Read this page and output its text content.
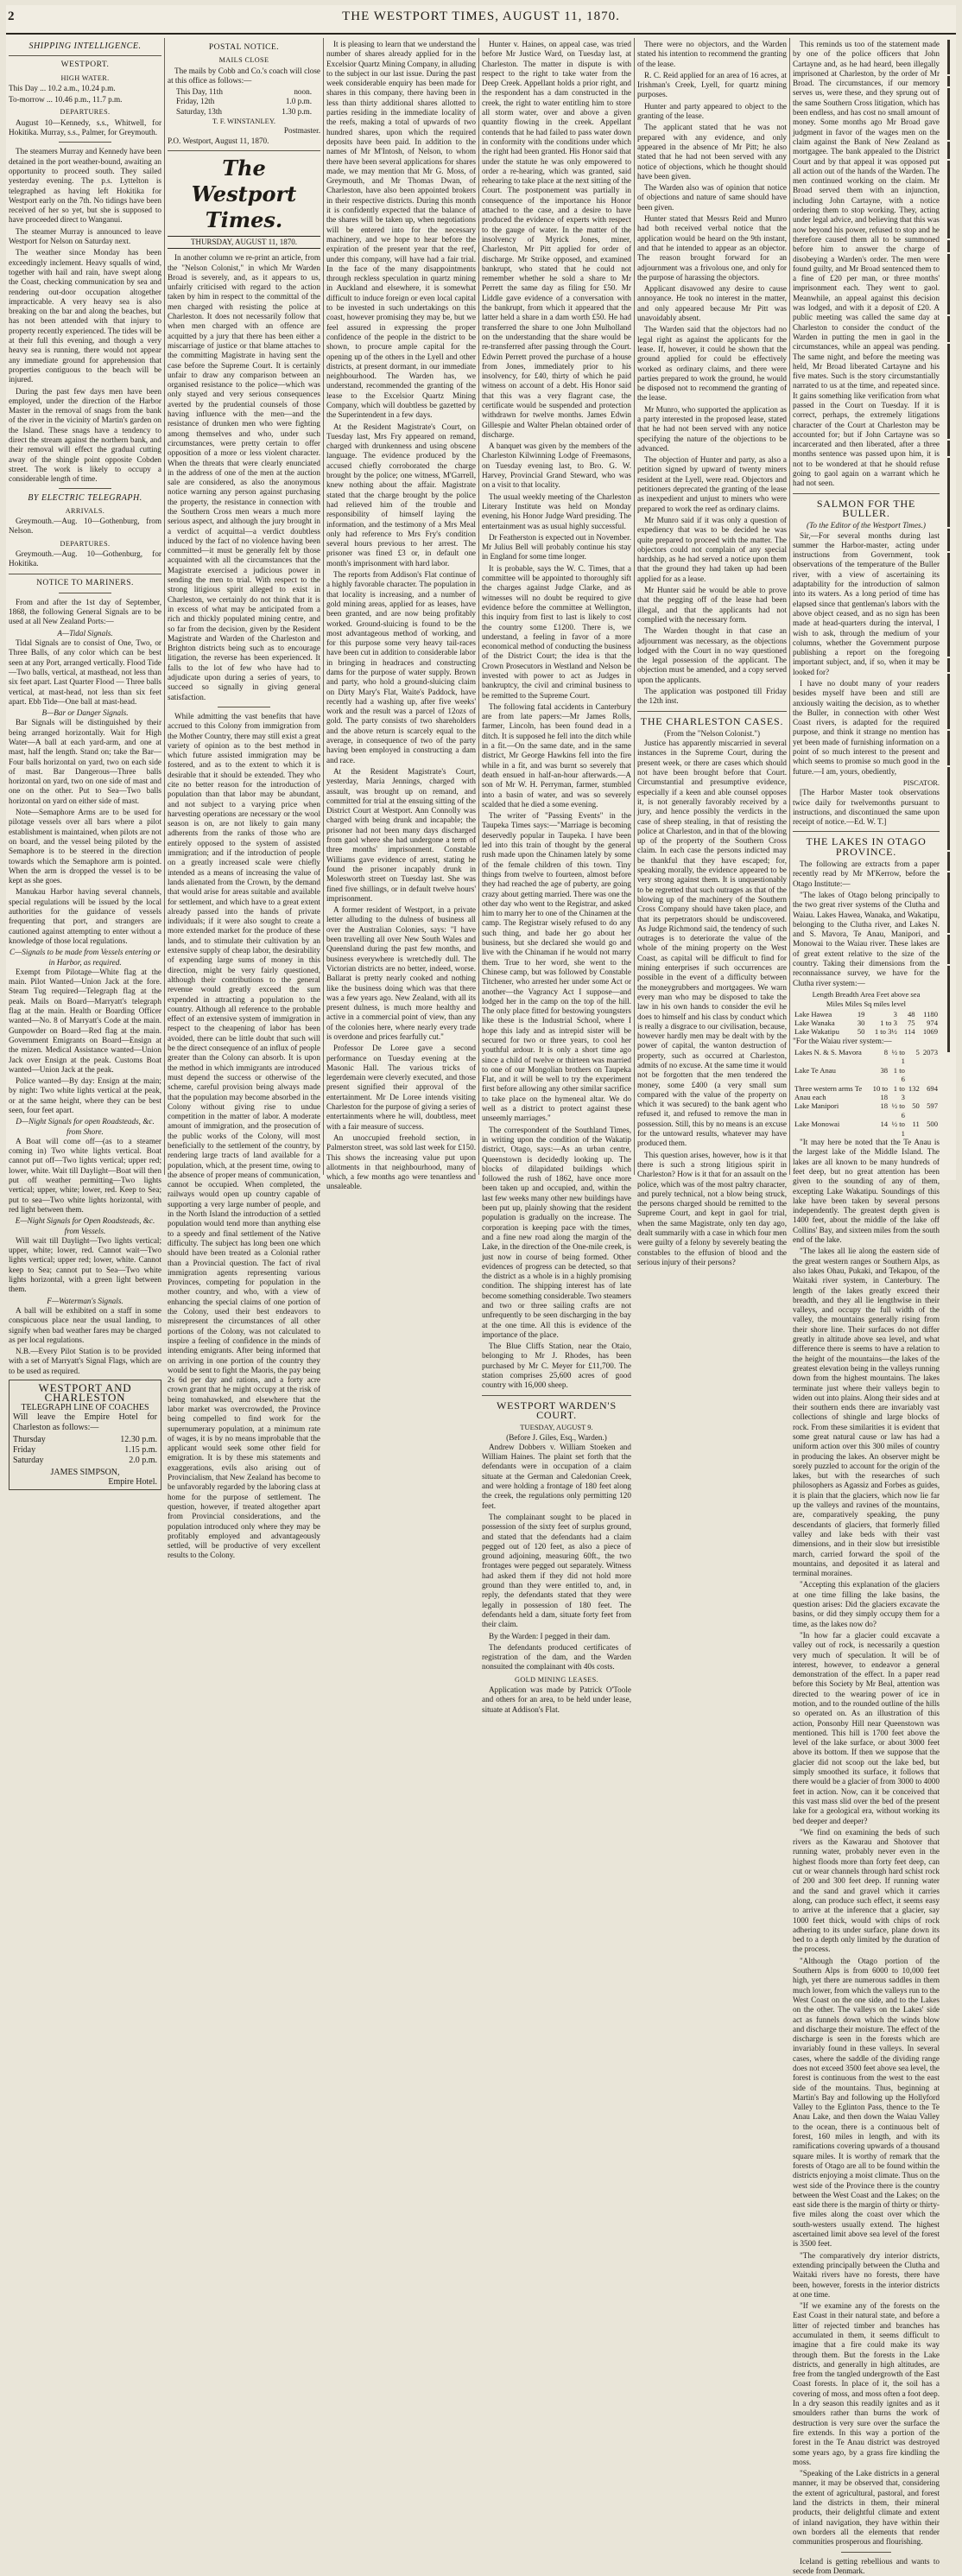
2	THE WESTPORT TIMES, AUGUST 11, 1870.
SHIPPING INTELLIGENCE.
WESTPORT.
HIGH WATER.

This Day ... 10.2 a.m., 10.24 p.m.

To-morrow ... 10.46 p.m., 11.7 p.m.

DEPARTURES.

August 10—Kennedy, s.s., Whitwell, for Hokitika. Murray, s.s., Palmer, for Greymouth.

The steamers Murray and Kennedy have been detained in the port weather-bound, awaiting an opportunity to proceed south. They sailed yesterday evening. The p.s. Lyttelton is telegraphed as having left Hokitika for Westport early on the 7th. No tidings have been received of her so yet, but she is supposed to have proceeded direct to Wanganui.

The steamer Murray is announced to leave Westport for Nelson on Saturday next.

The weather since Monday has been exceedingly inclement. Heavy squalls of wind, together with hail and rain, have swept along the Coast, checking communication by sea and rendering out-door occupation altogether impracticable. A very heavy sea is also breaking on the bar and along the beaches, but has not been attended with that injury to property recently experienced. The tides will be at their full this evening, and though a very heavy sea is running, there would not appear any immediate ground for apprehension that properties contiguous to the beach will be injured.

During the past few days men have been employed, under the direction of the Harbor Master in the removal of snags from the bank of the river in the vicinity of Martin's garden on the Island. These snags have a tendency to direct the stream against the northern bank, and their removal will effect the gradual cutting away of the shingle point opposite Cobden street. The work is likely to occupy a considerable length of time.

BY ELECTRIC TELEGRAPH.
ARRIVALS.

Greymouth.—Aug. 10—Gothenburg, from Nelson.

DEPARTURES.

Greymouth.—Aug. 10—Gothenburg, for Hokitika.

NOTICE TO MARINERS.

From and after the 1st day of September, 1868, the following General Signals are to be used at all New Zealand Ports:—

A—Tidal Signals.

Tidal Signals are to consist of One, Two, or Three Balls, of any color which can be best seen at any Port, arranged vertically. Flood Tide—Two balls, vertical, at masthead, not less than six feet apart. Last Quarter Flood — Three balls vertical, at mast-head, not less than six feet apart. Ebb Tide—One ball at mast-head.

B—Bar or Danger Signals.

Bar Signals will be distinguished by their being arranged horizontally. Wait for High Water—A ball at each yard-arm, and one at mast, half the length. Stand on; take the Bar—Four balls horizontal on yard, two on each side of mast. Bar Dangerous—Three balls horizontal on yard, two on one side of mast and one on the other. Put to Sea—Two balls horizontal on yard on either side of mast.

Note—Semaphore Arms are to be used for pilotage vessels over all bars where a pilot establishment is maintained, when pilots are not on board, and the vessel being piloted by the Semaphore is to be steered in the direction towards which the Semaphore arm is pointed. When the arm is dropped the vessel is to be kept as she goes.

Manukau Harbor having several channels, special regulations will be issued by the local authorities for the guidance of vessels frequenting that port, and strangers are cautioned against attempting to enter without a knowledge of those local regulations.

C—Signals to be made from Vessels entering or in Harbor, as required.

Exempt from Pilotage—White flag at the main. Pilot Wanted—Union Jack at the fore. Steam Tug required—Telegraph flag at the peak. Mails on Board—Marryatt's telegraph flag at the main. Health or Boarding Officer wanted—No. 8 of Marryatt's Code at the main. Gunpowder on Board—Red flag at the main. Government Emigrants on Board—Ensign at the mizen. Medical Assistance wanted—Union Jack over Ensign at the peak. Customs Boat wanted—Union Jack at the peak.

Police wanted—By day: Ensign at the main; by night: Two white lights vertical at the peak, or at the same height, where they can be best seen, four feet apart.

D—Night Signals for open Roadsteads, &c. from Shore.

A Boat will come off—(as to a steamer coming in) Two white lights vertical. Boat cannot put off—Two lights vertical; upper red; lower, white. Wait till Daylight—Boat will then put off weather permitting—Two lights vertical; upper, white; lower, red. Keep to Sea; put to sea—Two white lights horizontal, with red light between them.

E—Night Signals for Open Roadsteads, &c. from Vessels.

Will wait till Daylight—Two lights vertical; upper, white; lower, red. Cannot wait—Two lights vertical; upper red; lower, white. Cannot keep to Sea; cannot put to Sea—Two white lights horizontal, with a green light between them.

F—Waterman's Signals.

A ball will be exhibited on a staff in some conspicuous place near the usual landing, to signify when bad weather fares may be charged as per local regulations.

N.B.—Every Pilot Station is to be provided with a set of Marryatt's Signal Flags, which are to be used as required.

WESTPORT AND CHARLESTON
TELEGRAPH LINE OF COACHES

Will leave the Empire Hotel for Charleston as follows:—

Thursday	12.30 p.m.
Friday	1.15 p.m.
Saturday	2.0 p.m.
JAMES SIMPSON,
Empire Hotel.
POSTAL NOTICE.
MAILS CLOSE

The mails by Cobb and Co.'s coach will close at this office as follows:—

This Day, 11th	noon.
Friday, 12th	1.0 p.m.
Saturday, 13th	1.30 p.m.
T. F. WINSTANLEY.
Postmaster.

P.O. Westport, August 11, 1870.

The Westport Times.
THURSDAY, AUGUST 11, 1870.

In another column we re-print an article, from the "Nelson Colonist," in which Mr Warden Broad is severely, and, as it appears to us, unfairly criticised with regard to the action taken by him in respect to the committal of the men charged with resisting the police at Charleston. It does not necessarily follow that when men charged with an offence are acquitted by a jury that there has been either a miscarriage of justice or that blame attaches to the committing Magistrate in having sent the case before the Supreme Court. It is certainly unfair to draw any comparison between an organised resistance to the police—which was only stayed and very serious consequences averted by the prudential counsels of those having influence with the men—and the resistance of drunken men who were fighting among themselves and who, under such circumstances, were pretty certain to offer opposition of a more or less violent character. When the threats that were clearly enunciated in the address of one of the men at the auction sale are considered, as also the anonymous notice warning any person against purchasing the property, the resistance in connection with the Southern Cross men wears a much more serious aspect, and although the jury brought in a verdict of acquittal—a verdict doubtless induced by the fact of no violence having been committed—it must be generally felt by those acquainted with all the circumstances that the Magistrate exercised a judicious power in sending the men to trial. With respect to the strong litigious spirit alleged to exist in Charleston, we certainly do not think that it is in excess of what may be anticipated from a rich and thickly populated mining centre, and so far from the decision, given by the Resident Magistrate and Warden of the Charleston and Brighton districts being such as to encourage litigation, the reverse has been experienced. It falls to the lot of few who have had to adjudicate upon during a series of years, to succeed so signally in giving general satisfaction.

While admitting the vast benefits that have accrued to this Colony from immigration from the Mother Country, there may still exist a great variety of opinion as to the best method in which future assisted immigration may be fostered, and as to the extent to which it is desirable that it should be extended. They who cite no better reason for the introduction of population than that labor may be abundant, and not subject to a varying price when harvesting operations are necessary or the wool season is on, are not likely to gain many adherents from the ranks of those who are entirely opposed to the system of assisted immigration; and if the introduction of people on a greatly increased scale were chiefly intended as a means of increasing the value of lands alienated from the Crown, by the demand that would arise for areas suitable and available for settlement, and which have to a great extent already passed into the hands of private individuals; if it were also sought to create a more extended market for the produce of these lands, and to stimulate their cultivation by an extensive supply of cheap labor, the desirability of expending large sums of money in this direction, might be very fairly questioned, although their contributions to the general revenue would greatly exceed the sum expended in attracting a population to the country. Although all reference to the probable effect of an extensive system of immigration in respect to the cheapening of labor has been avoided, there can be little doubt that such will be the direct consequence of an influx of people greater than the Colony can absorb. It is upon the method in which immigrants are introduced must depend the success or otherwise of the scheme, careful provision being always made that the population may become absorbed in the Colony without giving rise to undue competition in the matter of labor. A moderate amount of immigration, and the prosecution of the public works of the Colony, will most beneficially to the settlement of the country, by rendering large tracts of land available for a population, which, at the present time, owing to the absence of proper means of communication, cannot be occupied. When completed, the railways would open up country capable of supporting a very large number of people, and in the North Island the introduction of a settled population would tend more than anything else to a speedy and final settlement of the Native difficulty. The subject has long been one which should have been treated as a Colonial rather than a Provincial question. The fact of rival immigration agents representing various Provinces, competing for population in the mother country, and who, with a view of enhancing the special claims of one portion of the Colony, used their best endeavors to misrepresent the circumstances of all other portions of the Colony, was not calculated to inspire a feeling of confidence in the minds of intending emigrants. After being informed that on arriving in one portion of the country they would be sent to fight the Maoris, the pay being 2s 6d per day and rations, and a forty acre crown grant that he might occupy at the risk of being tomahawked, and elsewhere that the labor market was overcrowded, the Province being compelled to find work for the supernumerary population, at a minimum rate of wages, it is by no means improbable that the applicant would seek some other field for emigration. It is by these mis statements and exaggerations, evils also arising out of Provincialism, that New Zealand has become to be unfavorably regarded by the laboring class at home for the purpose of settlement. The question, however, if treated altogether apart from Provincial considerations, and the population introduced only where they may be profitably employed and advantageously settled, will be productive of very excellent results to the Colony.

It is pleasing to learn that we understand the number of shares already applied for in the Excelsior Quartz Mining Company, in alluding to the subject in our last issue. During the past week considerable enquiry has been made for shares in this company, there having been in less than thirty additional shares allotted to parties residing in the immediate locality of the reefs, making a total of upwards of two hundred shares, upon which the required deposits have been paid. In addition to the names of Mr M'Intosh, of Nelson, to whom there have been several applications for shares made, we may mention that Mr G. Moss, of Greymouth, and Mr Thomas Dwan, of Charleston, have also been appointed brokers in their respective districts. During this month it is confidently expected that the balance of the shares will be taken up, when negotiations will be entered into for the necessary machinery, and we hope to hear before the expiration of the present year that the reef, under this company, will have had a fair trial. In the face of the many disappointments through reckless speculation in quartz mining in Auckland and elsewhere, it is somewhat difficult to induce foreign or even local capital to be invested in such undertakings on this coast, however promising they may be, but we feel assured in expressing the proper confidence of the people in the district to be shown, to procure ample capital for the opening up of the others in the Lyell and other districts, at present dormant, in our immediate neighbourhood. The Warden has, we understand, recommended the granting of the lease to the Excelsior Quartz Mining Company, which will doubtless be gazetted by the Superintendent in a few days.

At the Resident Magistrate's Court, on Tuesday last, Mrs Fry appeared on remand, charged with drunkenness and using obscene language. The evidence produced by the accused chiefly corroborated the charge brought by the police; one witness, M'Garrell, knew nothing about the affair. Magistrate stated that the charge brought by the police had relieved him of the trouble and responsibility of himself laying the information, and the testimony of a Mrs Meal only had reference to Mrs Fry's condition several hours previous to her arrest. The prisoner was fined £3 or, in default one month's imprisonment with hard labor.

The reports from Addison's Flat continue of a highly favorable character. The population in that locality is increasing, and a number of gold mining areas, applied for as leases, have been granted, and are now being profitably worked. Ground-sluicing is found to be the most advantageous method of working, and for this purpose some very heavy tail-races have been cut in addition to considerable labor in bringing in headraces and constructing dams for the purpose of water supply. Brown and party, who hold a ground-sluicing claim on Dirty Mary's Flat, Waite's Paddock, have recently had a washing up, after five weeks' work and the result was a parcel of 12ozs of gold. The party consists of two shareholders and the above return is scarcely equal to the average, in consequence of two of the party having been employed in constructing a dam and race.

At the Resident Magistrate's Court, yesterday, Maria Jennings, charged with assault, was brought up on remand, and committed for trial at the ensuing sitting of the District Court at Westport. Ann Connolly was charged with being drunk and incapable; the prisoner had not been many days discharged from gaol where she had undergone a term of three months' imprisonment. Constable Williams gave evidence of arrest, stating he found the prisoner incapably drunk in Molesworth street on Tuesday last. She was fined five shillings, or in default twelve hours' imprisonment.

A former resident of Westport, in a private letter alluding to the dulness of business all over the Australian Colonies, says: "I have been travelling all over New South Wales and Queensland during the past few months, and business everywhere is wretchedly dull. The Victorian districts are no better, indeed, worse. Ballarat is pretty nearly cooked and nothing like the business doing which was that there was a few years ago. New Zealand, with all its present dulness, is much more healthy and active in a commercial point of view, than any of the colonies here, where nearly every trade is overdone and prices fearfully cut."

Professor De Loree gave a second performance on Tuesday evening at the Masonic Hall. The various tricks of legerdemain were cleverly executed, and those present signified their approval of the entertainment. Mr De Loree intends visiting Charleston for the purpose of giving a series of entertainments where he will, doubtless, meet with a fair measure of success.

An unoccupied freehold section, in Palmerston street, was sold last week for £150. This shows the increasing value put upon allotments in that neighbourhood, many of which, a few months ago were tenantless and unsaleable.

Hunter v. Haines, on appeal case, was tried before Mr Justice Ward, on Tuesday last, at Charleston. The matter in dispute is with respect to the right to take water from the Deep Creek. Appellant holds a prior right, and the respondent has a dam constructed in the creek, the right to water entitling him to store all storm water, over and above a given quantity flowing in the creek. Appellant contends that he had failed to pass water down in conformity with the conditions under which the right had been granted. His Honor said that under the statute he was only empowered to order a re-hearing, which was granted, said rehearing to take place at the next sitting of the Court. The postponement was partially in consequence of the importance his Honor attached to the case, and a desire to have produced the evidence of experts with respect to the gauge of water. In the matter of the insolvency of Myrick Jones, miner, Charleston, Mr Pitt applied for order of discharge. Mr Strike opposed, and examined bankrupt, who stated that he could not remember whether he sold a share to Mr Perrett the same day as filing for £50. Mr Liddle gave evidence of a conversation with the bankrupt, from which it appeared that the latter held a share in a dam worth £50. He had transferred the share to one John Mulholland on the understanding that the share would be re-transferred after passing through the Court. Edwin Perrett proved the purchase of a house from Jones, immediately prior to his insolvency, for £40, thirty of which he paid witness on account of a debt. His Honor said that this was a very flagrant case, the certificate would be suspended and protection withdrawn for twelve months. James Edwin Gillespie and Walter Phelan obtained order of discharge.

A banquet was given by the members of the Charleston Kilwinning Lodge of Freemasons, on Tuesday evening last, to Bro. G. W. Harvey, Provincial Grand Steward, who was on a visit to that locality.

The usual weekly meeting of the Charleston Literary Institute was held on Monday evening, his Honor Judge Ward presiding. The entertainment was as usual highly successful.

Dr Featherston is expected out in November. Mr Julius Bell will probably continue his stay in England for some time longer.

It is probable, says the W. C. Times, that a committee will be appointed to thoroughly sift the charges against Judge Clarke, and as witnesses will no doubt be required to give evidence before the committee at Wellington, this inquiry from first to last is likely to cost the country some £1200. There is, we understand, a feeling in favor of a more economical method of conducting the business of the District Court; the idea is that the Crown Prosecutors in Westland and Nelson be invested with power to act as Judges in bankruptcy, the civil and criminal business to be remitted to the Supreme Court.

The following fatal accidents in Canterbury are from late papers:—Mr James Rolls, farmer, Lincoln, has been found dead in a ditch. It is supposed he fell into the ditch while in a fit.—On the same date, and in the same district, Mr George Hawkins fell into the fire while in a fit, and was burnt so severely that death ensued in half-an-hour afterwards.—A son of Mr W. H. Perryman, farmer, stumbled into a basin of water, and was so severely scalded that he died a some evening.

The writer of "Passing Events" in the Taupeka Times says:—"Marriage is becoming deservedly popular in Taupeka. I have been led into this train of thought by the general rush made upon the Chinamen lately by some of the female children of this town. Tiny things from twelve to fourteen, almost before they had reached the age of puberty, are going crazy about getting married. There was one the other day who went to the Registrar, and asked him to marry her to one of the Chinamen at the camp. The Registrar wisely refused to do any such thing, and bade her go about her business, but she declared she would go and live with the Chinaman if he would not marry them. True to her word, she went to the Chinese camp, but was followed by Constable Titchener, who arrested her under some Act or another—the Vagrancy Act I suppose—and lodged her in the camp on the top of the hill. The only place fitted for bestowing youngsters like these is the Industrial School, where I hope this lady and as intrepid sister will be secured for two or three years, to cool her youthful ardour. It is only a short time ago since a child of twelve or thirteen was married to one of our Mongolian brothers on Taupeka Flat, and it will be well to try the experiment first before allowing any other similar sacrifice to take place on the hymeneal altar. We do well as a district to protect against these unseemly marriages."

The correspondent of the Southland Times, in writing upon the condition of the Wakatip district, Otago, says:—As an urban centre, Queenstown is decidedly looking up. The blocks of dilapidated buildings which followed the rush of 1862, have once more been taken up and occupied, and, within the last few weeks many other new buildings have been put up, plainly showing that the resident population is gradually on the increase. The corporation is keeping pace with the times, and a fine new road along the margin of the Lake, in the direction of the One-mile creek, is just now in course of being formed. Other evidences of progress can be detected, so that the district as a whole is in a highly promising condition. The shipping interest has of late become something considerable. Two steamers and two or three sailing crafts are not unfrequently to be seen discharging in the bay at the one time. All this is evidence of the importance of the place.

The Blue Cliffs Station, near the Otaio, belonging to Mr J. Rhodes, has been purchased by Mr C. Meyer for £11,700. The station comprises 25,600 acres of good country with 16,000 sheep.

WESTPORT WARDEN'S COURT.
TUESDAY, AUGUST 9.
(Before J. Giles, Esq., Warden.)

Andrew Dobbers v. William Stoeken and William Haines. The plaint set forth that the defendants were in occupation of a claim situate at the German and Caledonian Creek, and were holding a frontage of 180 feet along the creek, the regulations only permitting 120 feet.

The complainant sought to be placed in possession of the sixty feet of surplus ground, and stated that the defendants had a claim pegged out of 120 feet, as also a piece of ground adjoining, measuring 60ft., the two frontages were pegged out separately. Witness had asked them if they did not hold more ground than they were entitled to, and, in reply, the defendants stated that they were legally in possession of 180 feet. The defendants held a dam, situate forty feet from their claim.

By the Warden: I pegged in their dam.

The defendants produced certificates of registration of the dam, and the Warden nonsuited the complainant with 40s costs.

GOLD MINING LEASES.

Application was made by Patrick O'Toole and others for an area, to be held under lease, situate at Addison's Flat.

There were no objectors, and the Warden stated his intention to recommend the granting of the lease.

R. C. Reid applied for an area of 16 acres, at Irishman's Creek, Lyell, for quartz mining purposes.

Hunter and party appeared to object to the granting of the lease.

The applicant stated that he was not prepared with any evidence, and only appeared in the absence of Mr Pitt; he also stated that he had not been served with any notice of objections, which he thought should have been given.

The Warden also was of opinion that notice of objections and nature of same should have been given.

Hunter stated that Messrs Reid and Munro had both received verbal notice that the application would be heard on the 9th instant, and that he intended to appear as an objector. The reason brought forward for an adjournment was a frivolous one, and only for the purpose of harassing the objectors.

Applicant disavowed any desire to cause annoyance. He took no interest in the matter, and only appeared because Mr Pitt was unavoidably absent.

The Warden said that the objectors had no legal right as against the applicants for the lease. If, however, it could be shown that the ground applied for could be effectively worked as ordinary claims, and there were parties prepared to work the ground, he would be disposed not to recommend the granting of the lease.

Mr Munro, who supported the application as a party interested in the proposed lease, stated that he had not been served with any notice specifying the nature of the objections to be advanced.

The objection of Hunter and party, as also a petition signed by upward of twenty miners resident at the Lyell, were read. Objectors and petitioners deprecated the granting of the lease as inexpedient and unjust to miners who were prepared to work the reef as ordinary claims.

Mr Munro said if it was only a question of expediency that was to be decided he was quite prepared to proceed with the matter. The objectors could not complain of any special hardship, as he had served a notice upon them that the ground they had taken up had been applied for as a lease.

Mr Hunter said he would be able to prove that the pegging off of the lease had been illegal, and that the applicants had not complied with the necessary form.

The Warden thought in that case an adjournment was necessary, as the objections lodged with the Court in no way questioned the legal possession of the applicant. The objection must be amended, and a copy served upon the applicants.

The application was postponed till Friday the 12th inst.

THE CHARLESTON CASES.
(From the "Nelson Colonist.")

Justice has apparently miscarried in several instances in the Supreme Court, during the present week, or there are cases which should not have been brought before that Court. Circumstantial and presumptive evidence, especially if a keen and able counsel opposes it, is not generally favorably received by a jury, and hence possibly the verdicts in the case of sheep stealing, in that of resisting the police at Charleston, and in that of the blowing up of the property of the Southern Cross claim. In each case the persons indicted may be thankful that they have escaped; for, speaking morally, the evidence appeared to be very strong against them. It is unquestionably to be regretted that such outrages as that of the blowing up of the machinery of the Southern Cross Company should have taken place, and that its perpetrators should be undiscovered. As Judge Richmond said, the tendency of such outrages is to deteriorate the value of the whole of the mining property on the West Coast, as capital will be difficult to find for mining enterprises if such occurrences are possible in the event of a difficulty between the moneygrubbers and mortgagees. We warn every man who may be disposed to take the law in his own hands to consider the evil he does to himself and his class by conduct which is really a disgrace to our civilisation, because, however hardly men may be dealt with by the power of capital, the wanton destruction of property, such as occurred at Charleston, admits of no excuse. At the same time it would not be forgotten that the men tendered the money, some £400 (a very small sum compared with the value of the property on which it was secured) to the bank agent who refused it, and refused to remove the man in possession. Still, this by no means is an excuse for the untoward results, whatever may have produced them.

This question arises, however, how is it that there is such a strong litigious spirit in Charleston? How is it that for an assault on the police, which was of the most paltry character, and purely technical, not a blow being struck, the persons charged should be remitted to the Supreme Court, and kept in gaol for trial, when the same Magistrate, only ten day ago, dealt summarily with a case in which four men were guilty of a felony by severely beating the constables to the effusion of blood and the serious injury of their persons?

This reminds us too of the statement made by one of the police officers that John Cartayne and, as he had heard, been illegally imprisoned at Charleston, by the order of Mr Broad. The circumstances, if our memory serves us, were these, and they sprung out of the same Southern Cross litigation, which has been endless, and has cost no small amount of money. Some months ago Mr Broad gave judgment in favor of the wages men on the claim against the Bank of New Zealand as mortgagee. The bank appealed to the District Court and by that appeal it was opposed put all action out of the hands of the Warden. The men continued working on the claim. Mr Broad served them with an injunction, including John Cartayne, with a notice ordering them to stop working. They, acting under legal advice, and believing that this was now beyond his power, refused to stop and he therefore caused them all to be summoned before him to answer the charge of disobeying a Warden's order. The men were found guilty, and Mr Broad sentenced them to a fine of £20 per man, or three months' imprisonment each. They went to gaol. Meanwhile, an appeal against this decision was lodged, and with it a deposit of £20. A public meeting was called the same day at Charleston to consider the conduct of the Warden in putting the men in gaol in the circumstances, while an appeal was pending. The same night, and before the meeting was held, Mr Broad liberated Cartayne and his five mates. Such is the story circumstantially narrated to us at the time, and repeated since. It gains something like verification from what passed in the Court on Tuesday. If it is correct, perhaps, the extremely litigations character of the Court at Charleston may be accounted for; but if John Cartayne was so incarcerated and then liberated, after a three months sentence was passed upon him, it is not to be wondered at that he should refuse going to gaol again on a warrant which he had not seen.

SALMON FOR THE BULLER.
(To the Editor of the Westport Times.)

Sir,—For several months during last summer the Harbor-master, acting under instructions from Government, took observations of the temperature of the Buller river, with a view of ascertaining its adaptability for the introduction of salmon into its waters. As a long period of time has elapsed since that gentleman's labors with the above object ceased, and as no sign has been made at head-quarters during the interval, I wish to ask, through the medium of your columns, whether the Government purpose publishing a report on the foregoing important subject, and, if so, when it may be looked for?

I have no doubt many of your readers besides myself have been and still are anxiously waiting the decision, as to whether the Buller, in connection with other West Coast rivers, is adapted for the required purpose, and think it strange no mention has yet been made of furnishing information on a point of so much interest to the present and which seems to promise so much good in the future.—I am, yours, obediently,

PISCATOR.

[The Harbor Master took observations twice daily for twelvemonths pursuant to instructions, and discontinued the same upon receipt of notice.—Ed. W. T.]

THE LAKES IN OTAGO PROVINCE.

The following are extracts from a paper recently read by Mr M'Kerrow, before the Otago Institute:—

"The lakes of Otago belong principally to the two great river systems of the Clutha and Waiau. Lakes Hawea, Wanaka, and Wakatipu, belonging to the Clutha river, and Lakes N. and S. Mavora, Te Anau, Manipori, and Monowai to the Waiau river. These lakes are of great extent relative to the size of the country. Taking their dimensions from the reconnaissance survey, we have for the Clutha river system:—

Length Breadth Area Feet above sea
Miles Miles Sq miles level
Lake Hawea	19	3	48	1180
Lake Wanaka	30	1 to 3	75	974
Lake Wakatipu	50	1 to 3½	114	1069

"For the Waiau river system:—

Lakes N. & S. Mavora	8	½ to 1	5	2073
Lake Te Anau	38	1 to 6		
Three western arms Te Anau each	10 to 18	1 to 3	132	694
Lake Manipori	18	½ to 6	50	597
Lake Monowai	14	½ to 1	11	500

"It may here be noted that the Te Anau is the largest lake of the Middle Island. The lakes are all known to be many hundreds of feet deep, but no great attention has been given to the sounding of any of them, excepting Lake Wakatipu. Soundings of this lake have been taken by several persons independently. The greatest depth given is 1400 feet, about the middle of the lake off Collins' Bay, and sixteen miles from the south end of the lake.

"The lakes all lie along the eastern side of the great western ranges or Southern Alps, as also lakes Ohau, Pukaki, and Tekapou, of the Waitaki river system, in Canterbury. The length of the lakes greatly exceed their breadth, and they all lie lengthwise in their valleys, and occupy the full width of the valley, the mountains generally rising from their shore line. Their surfaces do not differ greatly in altitude above sea level, and what difference there is seems to have a relation to the height of the mountains—the lakes of the greatest elevation being in the valleys running down from the highest mountains. The lakes terminate just where their valleys begin to widen out into plains. Along their sides and at their southern ends there are invariably vast collections of shingle and large blocks of rock. From these similarities it is evident that some great natural cause or law has had a uniform action over this 300 miles of country in producing the lakes. An observer might be sorely puzzled to account for the origin of the lakes, but with the researches of such philosophers as Agassiz and Forbes as guides, it is plain that the glaciers, which now lie far up the valleys and ravines of the mountains, are, comparatively speaking, the puny descendants of glaciers, that formerly filled valley and lake beds with their vast dimensions, and in their slow but irresistible march, carried forward the spoil of the mountains, and deposited it as lateral and terminal moraines.

"Accepting this explanation of the glaciers at one time filling the lake basins, the question arises: Did the glaciers excavate the basins, or did they simply occupy them for a time, as the lakes now do?

"In how far a glacier could excavate a valley out of rock, is necessarily a question very much of speculation. It will be of interest, however, to endeavor a general demonstration of the effect. In a paper read before this Society by Mr Beal, attention was directed to the wearing power of ice in motion, and to the rounded outline of the hills so operated on. As an illustration of this action, Ponsonby Hill near Queenstown was mentioned. This hill is 1700 feet above the level of the lake surface, or about 3000 feet above its bottom. If then we suppose that the glacier did not scoop out the lake bed, but simply smoothed its surface, it follows that there would be a glacier of from 3000 to 4000 feet in action. Now, can it be conceived that this vast mass slid over the bed of the present lake for a geological era, without working its bed deeper and deeper?

"We find on examining the beds of such rivers as the Kawarau and Shotover that running water, probably never even in the highest floods more than forty feet deep, can cut or wear channels through hard schist rock of 200 and 300 feet deep. If running water and the sand and gravel which it carries along, can produce such effect, it seems easy to arrive at the inference that a glacier, say 1000 feet thick, would with chips of rock adhering to its under surface, plane down its bed to a depth only limited by the duration of the process.

"Although the Otago portion of the Southern Alps is from 6000 to 10,000 feet high, yet there are numerous saddles in them much lower, from which the valleys run to the West Coast on the one side, and to the Lakes on the other. The valleys on the Lakes' side act as funnels down which the winds blow and discharge their moisture. The effect of the discharge is seen in the forests which are invariably found in these valleys. In several cases, where the saddle of the dividing range does not exceed 3500 feet above sea level, the forest is continuous from the west to the east side of the mountains. Thus, beginning at Martin's Bay and following up the Hollyford Valley to the Eglinton Pass, thence to the Te Anau Lake, and then down the Waiau Valley to the ocean, there is a continuous belt of forest, 160 miles in length, and with its ramifications covering upwards of a thousand square miles. It is worthy of remark that the forests of Otago are all to be found within the districts enjoying a moist climate. Thus on the west side of the Province there is the country between the West Coast and the Lakes; on the east side there is the margin of thirty or thirty-five miles along the coast over which the south-westers usually extend. The highest ascertained limit above sea level of the forest is 3500 feet.

"The comparatively dry interior districts, extending principally between the Clutha and Waitaki rivers have no forests, there have been, however, forests in the interior districts at one time.

"If we examine any of the forests on the East Coast in their natural state, and before a litter of rejected timber and branches has accumulated in them, it seems difficult to imagine that a fire could make its way through them. But the forests in the Lake districts, and generally in high altitudes, are free from the tangled undergrowth of the East Coast forests. In place of it, the soil has a covering of moss, and moss often a foot deep. In a dry season this readily ignites and as it smoulders rather than burns the work of destruction is very sure over the surface the fire extends. In this way a portion of the forest in the Te Anau district was destroyed some years ago, by a grass fire kindling the moss.

"Speaking of the Lake districts in a general manner, it may be observed that, considering the extent of agricultural, pastoral, and forest land the districts in them, their mineral products, their delightful climate and extent of inland navigation, they have within their own borders all the elements that render communities prosperous and flourishing.

Iceland is getting rebellious and wants to secede from Denmark.
